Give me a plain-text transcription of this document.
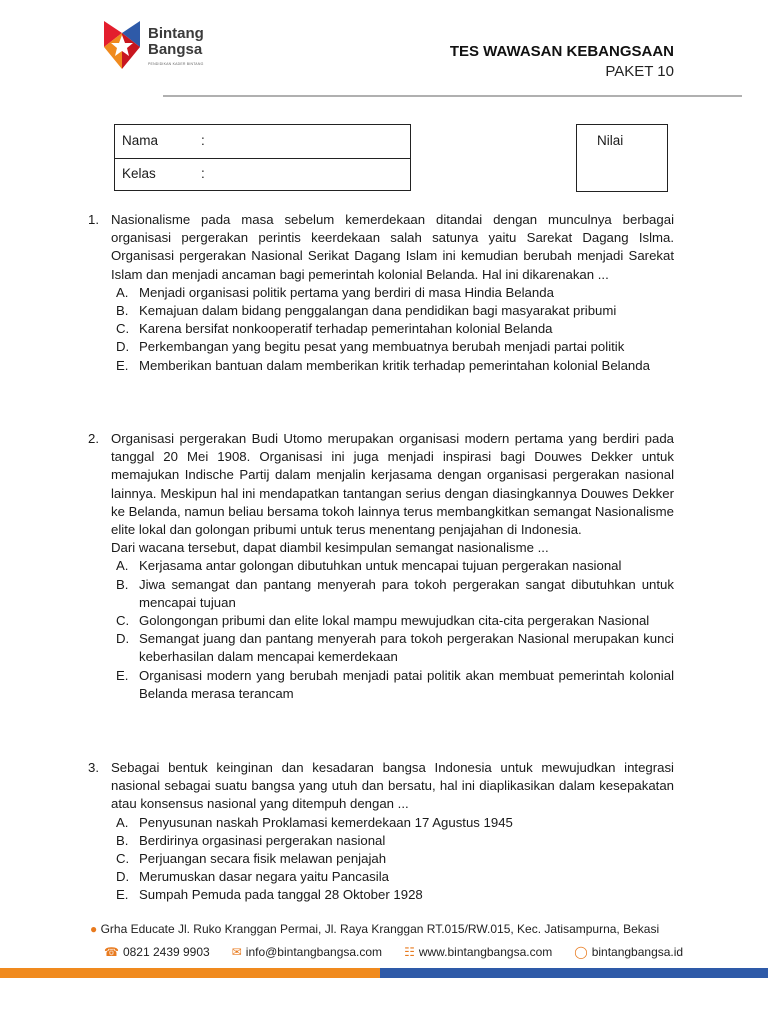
Bintang
Bangsa
PENDIDIKAN KADER BINTANG
TES WAWASAN KEBANGSAAN
PAKET 10
Nama	:
Kelas	:
Nilai
1. Nasionalisme pada masa sebelum kemerdekaan ditandai dengan munculnya berbagai organisasi pergerakan perintis keerdekaan salah satunya yaitu Sarekat Dagang Islma. Organisasi pergerakan Nasional Serikat Dagang Islam ini kemudian berubah menjadi Sarekat Islam dan menjadi ancaman bagi pemerintah kolonial Belanda. Hal ini dikarenakan ...

A. Menjadi organisasi politik pertama yang berdiri di masa Hindia Belanda
B. Kemajuan dalam bidang penggalangan dana pendidikan bagi masyarakat pribumi
C. Karena bersifat nonkooperatif terhadap pemerintahan kolonial Belanda
D. Perkembangan yang begitu pesat yang membuatnya berubah menjadi partai politik
E. Memberikan bantuan dalam memberikan kritik terhadap pemerintahan kolonial Belanda
2. Organisasi pergerakan Budi Utomo merupakan organisasi modern pertama yang berdiri pada tanggal 20 Mei 1908. Organisasi ini juga menjadi inspirasi bagi Douwes Dekker untuk memajukan Indische Partij dalam menjalin kerjasama dengan organisasi pergerakan nasional lainnya. Meskipun hal ini mendapatkan tantangan serius dengan diasingkannya Douwes Dekker ke Belanda, namun beliau bersama tokoh lainnya terus membangkitkan semangat Nasionalisme elite lokal dan golongan pribumi untuk terus menentang penjajahan di Indonesia.

Dari wacana tersebut, dapat diambil kesimpulan semangat nasionalisme ...

A. Kerjasama antar golongan dibutuhkan untuk mencapai tujuan pergerakan nasional
B. Jiwa semangat dan pantang menyerah para tokoh pergerakan sangat dibutuhkan untuk mencapai tujuan
C. Golongongan pribumi dan elite lokal mampu mewujudkan cita-cita pergerakan Nasional
D. Semangat juang dan pantang menyerah para tokoh pergerakan Nasional merupakan kunci keberhasilan dalam mencapai kemerdekaan
E. Organisasi modern yang berubah menjadi patai politik akan membuat pemerintah kolonial Belanda merasa terancam
3. Sebagai bentuk keinginan dan kesadaran bangsa Indonesia untuk mewujudkan integrasi nasional sebagai suatu bangsa yang utuh dan bersatu, hal ini diaplikasikan dalam kesepakatan atau konsensus nasional yang ditempuh dengan ...

A. Penyusunan naskah Proklamasi kemerdekaan 17 Agustus 1945
B. Berdirinya orgasinasi pergerakan nasional
C. Perjuangan secara fisik melawan penjajah
D. Merumuskan dasar negara yaitu Pancasila
E. Sumpah Pemuda pada tanggal 28 Oktober 1928
● Grha Educate Jl. Ruko Kranggan Permai, Jl. Raya Kranggan RT.015/RW.015, Kec. Jatisampurna, Bekasi
☎ 0821 2439 9903 ✉ info@bintangbangsa.com ☷ www.bintangbangsa.com ◯ bintangbangsa.id
